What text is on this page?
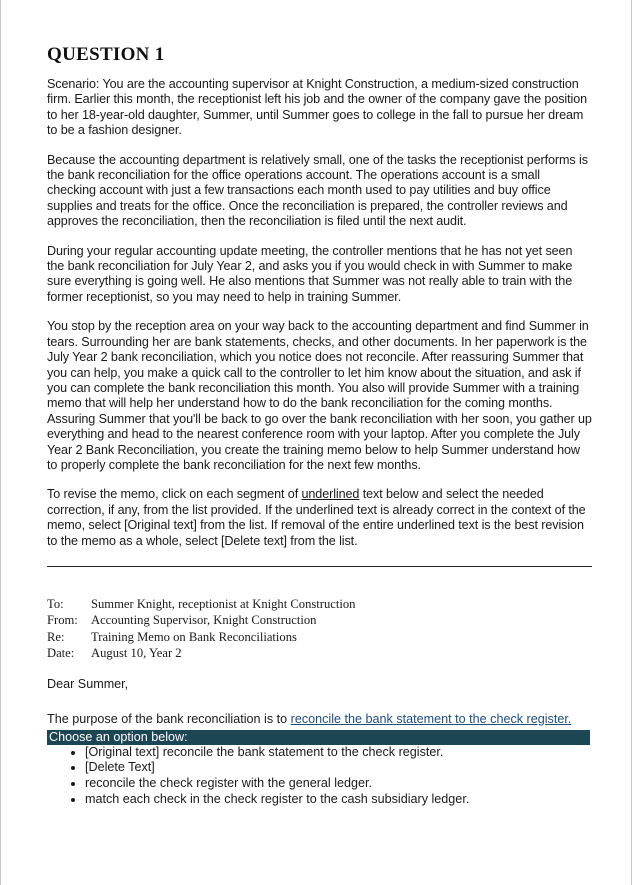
QUESTION 1

Scenario: You are the accounting supervisor at Knight Construction, a medium-sized construction firm. Earlier this month, the receptionist left his job and the owner of the company gave the position to her 18-year-old daughter, Summer, until Summer goes to college in the fall to pursue her dream to be a fashion designer.

Because the accounting department is relatively small, one of the tasks the receptionist performs is the bank reconciliation for the office operations account. The operations account is a small checking account with just a few transactions each month used to pay utilities and buy office supplies and treats for the office. Once the reconciliation is prepared, the controller reviews and approves the reconciliation, then the reconciliation is filed until the next audit.

During your regular accounting update meeting, the controller mentions that he has not yet seen the bank reconciliation for July Year 2, and asks you if you would check in with Summer to make sure everything is going well. He also mentions that Summer was not really able to train with the former receptionist, so you may need to help in training Summer.

You stop by the reception area on your way back to the accounting department and find Summer in tears. Surrounding her are bank statements, checks, and other documents. In her paperwork is the July Year 2 bank reconciliation, which you notice does not reconcile. After reassuring Summer that you can help, you make a quick call to the controller to let him know about the situation, and ask if you can complete the bank reconciliation this month. You also will provide Summer with a training memo that will help her understand how to do the bank reconciliation for the coming months. Assuring Summer that you'll be back to go over the bank reconciliation with her soon, you gather up everything and head to the nearest conference room with your laptop. After you complete the July Year 2 Bank Reconciliation, you create the training memo below to help Summer understand how to properly complete the bank reconciliation for the next few months.

To revise the memo, click on each segment of underlined text below and select the needed correction, if any, from the list provided. If the underlined text is already correct in the context of the memo, select [Original text] from the list. If removal of the entire underlined text is the best revision to the memo as a whole, select [Delete text] from the list.

To:	Summer Knight, receptionist at Knight Construction
From:	Accounting Supervisor, Knight Construction
Re:	Training Memo on Bank Reconciliations
Date:	August 10, Year 2
Dear Summer,
The purpose of the bank reconciliation is to reconcile the bank statement to the check register.
Choose an option below:
• [Original text] reconcile the bank statement to the check register.
• [Delete Text]
• reconcile the check register with the general ledger.
• match each check in the check register to the cash subsidiary ledger.
